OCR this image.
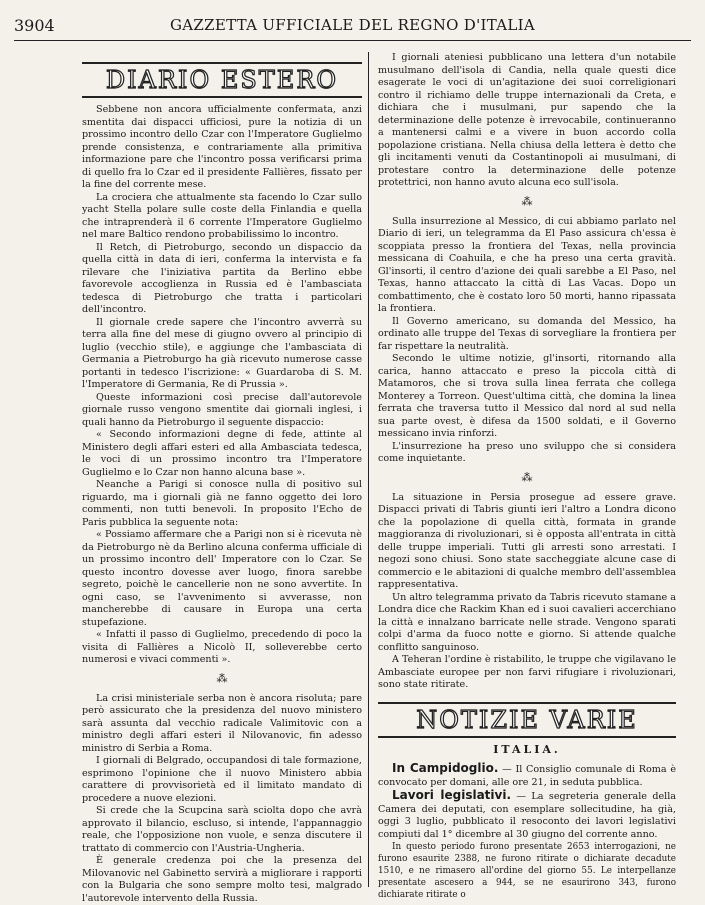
3904	GAZZETTA UFFICIALE DEL REGNO D'ITALIA
DIARIO ESTERO

Sebbene non ancora ufficialmente confermata, anzi smentita dai dispacci ufficiosi, pure la notizia di un prossimo incontro dello Czar con l'Imperatore Guglielmo prende consistenza, e contrariamente alla primitiva informazione pare che l'incontro possa verificarsi prima di quello fra lo Czar ed il presidente Fallières, fissato per la fine del corrente mese.

La crociera che attualmente sta facendo lo Czar sullo yacht Stella polare sulle coste della Finlandia e quella che intraprenderà il 6 corrente l'Imperatore Guglielmo nel mare Baltico rendono probabilissimo lo incontro.

Il Retch, di Pietroburgo, secondo un dispaccio da quella città in data di ieri, conferma la intervista e fa rilevare che l'iniziativa partita da Berlino ebbe favorevole accoglienza in Russia ed è l'ambasciata tedesca di Pietroburgo che tratta i particolari dell'incontro.

Il giornale crede sapere che l'incontro avverrà su terra alla fine del mese di giugno ovvero al principio di luglio (vecchio stile), e aggiunge che l'ambasciata di Germania a Pietroburgo ha già ricevuto numerose casse portanti in tedesco l'iscrizione: « Guardaroba di S. M. l'Imperatore di Germania, Re di Prussia ».

Queste informazioni così precise dall'autorevole giornale russo vengono smentite dai giornali inglesi, i quali hanno da Pietroburgo il seguente dispaccio:

« Secondo informazioni degne di fede, attinte al Ministero degli affari esteri ed alla Ambasciata tedesca, le voci di un prossimo incontro tra l'Imperatore Guglielmo e lo Czar non hanno alcuna base ».

Neanche a Parigi si conosce nulla di positivo sul riguardo, ma i giornali già ne fanno oggetto dei loro commenti, non tutti benevoli. In proposito l'Echo de Paris pubblica la seguente nota:

« Possiamo affermare che a Parigi non si è ricevuta nè da Pietroburgo nè da Berlino alcuna conferma ufficiale di un prossimo incontro dell' Imperatore con lo Czar. Se questo incontro dovesse aver luogo, finora sarebbe segreto, poichè le cancellerie non ne sono avvertite. In ogni caso, se l'avvenimento si avverasse, non mancherebbe di causare in Europa una certa stupefazione.

« Infatti il passo di Guglielmo, precedendo di poco la visita di Fallières a Nicolò II, solleverebbe certo numerosi e vivaci commenti ».

⁂

La crisi ministeriale serba non è ancora risoluta; pare però assicurato che la presidenza del nuovo ministero sarà assunta dal vecchio radicale Valimitovic con a ministro degli affari esteri il Nilovanovic, fin adesso ministro di Serbia a Roma.

I giornali di Belgrado, occupandosi di tale formazione, esprimono l'opinione che il nuovo Ministero abbia carattere di provvisorietà ed il limitato mandato di procedere a nuove elezioni.

Si crede che la Scupcina sarà sciolta dopo che avrà approvato il bilancio, escluso, si intende, l'appannaggio reale, che l'opposizione non vuole, e senza discutere il trattato di commercio con l'Austria-Ungheria.

È generale credenza poi che la presenza del Milovanovic nel Gabinetto servirà a migliorare i rapporti con la Bulgaria che sono sempre molto tesi, malgrado l'autorevole intervento della Russia.

I giornali ateniesi pubblicano una lettera d'un notabile musulmano dell'isola di Candia, nella quale questi dice esagerate le voci di un'agitazione dei suoi correligionari contro il richiamo delle truppe internazionali da Creta, e dichiara che i musulmani, pur sapendo che la determinazione delle potenze è irrevocabile, continueranno a mantenersi calmi e a vivere in buon accordo colla popolazione cristiana. Nella chiusa della lettera è detto che gli incitamenti venuti da Costantinopoli ai musulmani, di protestare contro la determinazione delle potenze protettrici, non hanno avuto alcuna eco sull'isola.

⁂

Sulla insurrezione al Messico, di cui abbiamo parlato nel Diario di ieri, un telegramma da El Paso assicura ch'essa è scoppiata presso la frontiera del Texas, nella provincia messicana di Coahuila, e che ha preso una certa gravità. Gl'insorti, il centro d'azione dei quali sarebbe a El Paso, nel Texas, hanno attaccato la città di Las Vacas. Dopo un combattimento, che è costato loro 50 morti, hanno ripassata la frontiera.

Il Governo americano, su domanda del Messico, ha ordinato alle truppe del Texas di sorvegliare la frontiera per far rispettare la neutralità.

Secondo le ultime notizie, gl'insorti, ritornando alla carica, hanno attaccato e preso la piccola città di Matamoros, che si trova sulla linea ferrata che collega Monterey a Torreon. Quest'ultima città, che domina la linea ferrata che traversa tutto il Messico dal nord al sud nella sua parte ovest, è difesa da 1500 soldati, e il Governo messicano invia rinforzi.

L'insurrezione ha preso uno sviluppo che si considera come inquietante.

⁂

La situazione in Persia prosegue ad essere grave. Dispacci privati di Tabris giunti ieri l'altro a Londra dicono che la popolazione di quella città, formata in grande maggioranza di rivoluzionari, si è opposta all'entrata in città delle truppe imperiali. Tutti gli arresti sono arrestati. I negozi sono chiusi. Sono state saccheggiate alcune case di commercio e le abitazioni di qualche membro dell'assemblea rappresentativa.

Un altro telegramma privato da Tabris ricevuto stamane a Londra dice che Rackim Khan ed i suoi cavalieri accerchiano la città e innalzano barricate nelle strade. Vengono sparati colpi d'arma da fuoco notte e giorno. Si attende qualche conflitto sanguinoso.

A Teheran l'ordine è ristabilito, le truppe che vigilavano le Ambasciate europee per non farvi rifugiare i rivoluzionari, sono state ritirate.

NOTIZIE VARIE
ITALIA.

In Campidoglio. — Il Consiglio comunale di Roma è convocato per domani, alle ore 21, in seduta pubblica.

Lavori legislativi. — La segreteria generale della Camera dei deputati, con esemplare sollecitudine, ha già, oggi 3 luglio, pubblicato il resoconto dei lavori legislativi compiuti dal 1° dicembre al 30 giugno del corrente anno.

In questo periodo furono presentate 2653 interrogazioni, ne furono esaurite 2388, ne furono ritirate o dichiarate decadute 1510, e ne rimasero all'ordine del giorno 55. Le interpellanze presentate ascesero a 944, se ne esaurirono 343, furono dichiarate ritirate o
